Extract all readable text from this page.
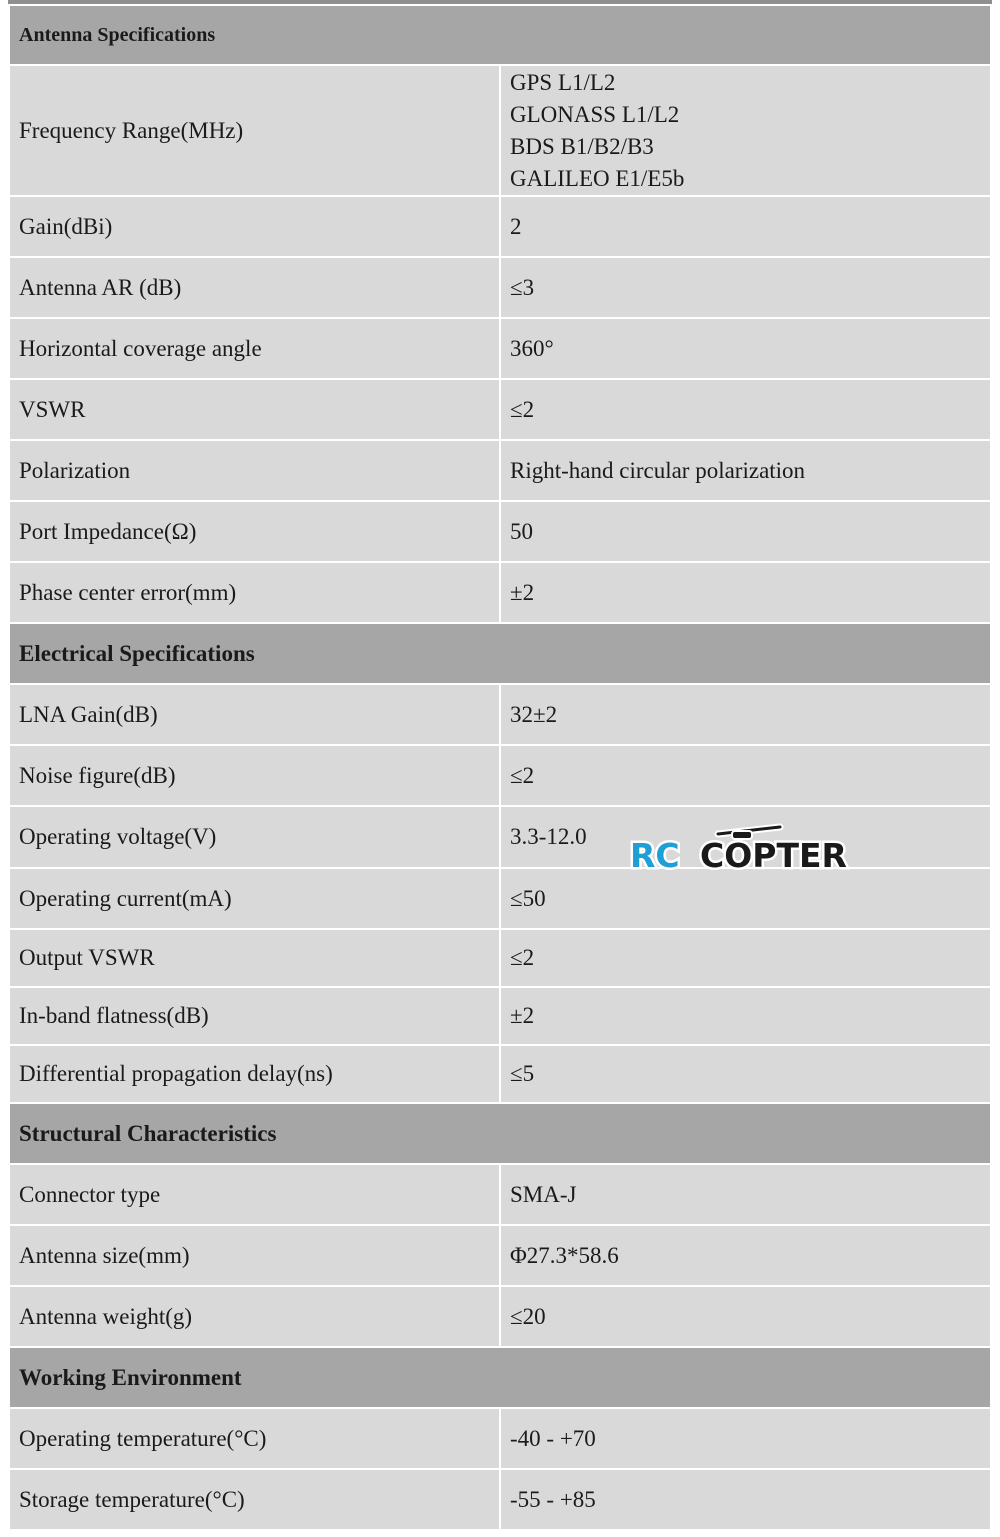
Antenna Specifications	
Frequency Range(MHz)	GPS L1/L2
GLONASS L1/L2
BDS B1/B2/B3
GALILEO E1/E5b

Gain(dBi)	2
Antenna AR (dB)	≤3
Horizontal coverage angle	360°
VSWR	≤2
Polarization	Right-hand circular polarization
Port Impedance(Ω)	50
Phase center error(mm)	±2
Electrical Specifications	
LNA Gain(dB)	32±2
Noise figure(dB)	≤2
Operating voltage(V)	3.3-12.0
Operating current(mA)	≤50
Output VSWR	≤2
In-band flatness(dB)	±2
Differential propagation delay(ns)	≤5
Structural Characteristics	
Connector type	SMA-J
Antenna size(mm)	Φ27.3*58.6
Antenna weight(g)	≤20
Working Environment	
Operating temperature(°C)	-40 - +70
Storage temperature(°C)	-55 - +85
RC COPTER
